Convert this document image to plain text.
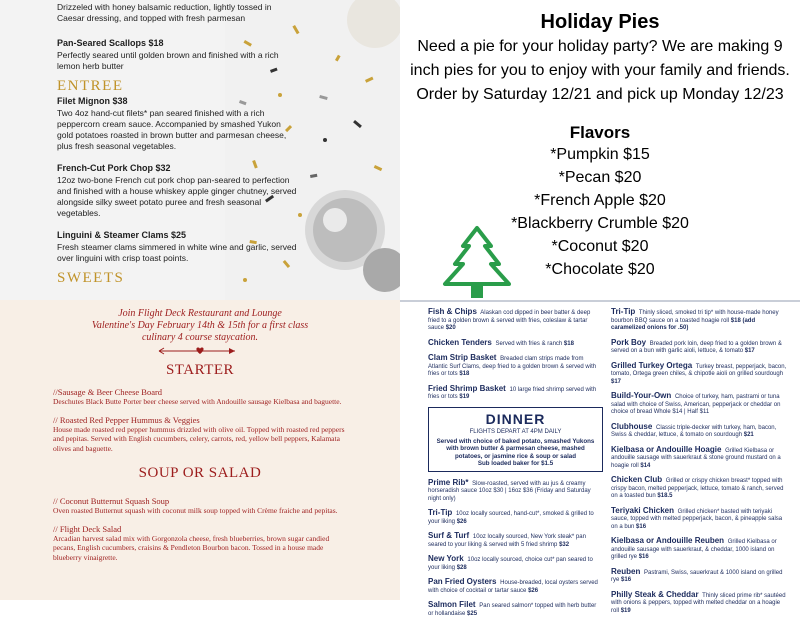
Drizzeled with honey balsamic reduction, lightly tossed in Caesar dressing, and topped with fresh parmesan
Pan-Seared Scallops $18
Perfectly seared until golden brown and finished with a rich lemon herb butter
ENTREE
Filet Mignon $38
Two 4oz hand-cut filets* pan seared finished with a rich peppercorn cream sauce. Accompanied by smashed Yukon gold potatoes roasted in brown butter and parmesan cheese, plus fresh seasonal vegetables.
French-Cut Pork Chop $32
12oz two-bone French cut pork chop pan-seared to perfection and finished with a house whiskey apple ginger chutney, served alongside silky sweet potato puree and fresh seasonal vegetables.
Linguini & Steamer Clams $25
Fresh steamer clams simmered in white wine and garlic, served over linguini with crisp toast points.
SWEETS
Holiday Pies
Need a pie for your holiday party? We are making 9 inch pies for you to enjoy with your family and friends. Order by Saturday 12/21 and pick up Monday 12/23
Flavors
*Pumpkin $15
*Pecan $20
*French Apple $20
*Blackberry Crumble $20
*Coconut $20
*Chocolate $20
Join Flight Deck Restaurant and Lounge
Valentine's Day February 14th & 15th for a first class
culinary 4 course staycation.
STARTER
//Sausage & Beer Cheese Board
Deschutes Black Butte Porter beer cheese served with Andouille sausage Kielbasa and baguette.
// Roasted Red Pepper Hummus & Veggies
House made roasted red pepper hummus drizzled with olive oil. Topped with roasted red peppers and pepitas. Served with English cucumbers, celery, carrots, red, yellow bell peppers, Kalamata olives and baguette.
SOUP OR SALAD
// Coconut Butternut Squash Soup
Oven roasted Butternut squash with coconut milk soup topped with Crème fraiche and pepitas.
// Flight Deck Salad
Arcadian harvest salad mix with Gorgonzola cheese, fresh blueberries, brown sugar candied pecans, English cucumbers, craisins & Pendleton Bourbon bacon. Tossed in a house made blueberry vinaigrette.
Fish & Chips Alaskan cod dipped in beer batter & deep fried to a golden brown & served with fries, coleslaw & tartar sauce $20
Chicken Tenders Served with fries & ranch $18
Clam Strip Basket Breaded clam strips made from Atlantic Surf Clams, deep fried to a golden brown & served with fries or tots $18
Fried Shrimp Basket 10 large fried shrimp served with fries or tots $19
DINNER
FLIGHTS DEPART AT 4PM DAILY
Served with choice of baked potato, smashed Yukons with brown butter & parmesan cheese, mashed potatoes, or jasmine rice & soup or salad
Sub loaded baker for $1.5
Prime Rib* Slow-roasted, served with au jus & creamy horseradish sauce 10oz $30 | 16oz $36 (Friday and Saturday night only)
Tri-Tip 10oz locally sourced, hand-cut*, smoked & grilled to your liking $26
Surf & Turf 10oz locally sourced, New York steak* pan seared to your liking & served with 5 fried shrimp $32
New York 10oz locally sourced, choice cut* pan seared to your liking $28
Pan Fried Oysters House-breaded, local oysters served with choice of cocktail or tartar sauce $26
Salmon Filet Pan seared salmon* topped with herb butter or hollandaise $25
Tri-Tip Thinly sliced, smoked tri tip* with house-made honey bourbon BBQ sauce on a toasted hoagie roll $18 (add caramelized onions for .50)
Pork Boy Breaded pork loin, deep fried to a golden brown & served on a bun with garlic aioli, lettuce, & tomato $17
Grilled Turkey Ortega Turkey breast, pepperjack, bacon, tomato, Ortega green chiles, & chipotle aioli on grilled sourdough $17
Build-Your-Own Choice of turkey, ham, pastrami or tuna salad with choice of Swiss, American, pepperjack or cheddar on choice of bread Whole $14 | Half $11
Clubhouse Classic triple-decker with turkey, ham, bacon, Swiss & cheddar, lettuce, & tomato on sourdough $21
Kielbasa or Andouille Hoagie Grilled Kielbasa or andouille sausage with sauerkraut & stone ground mustard on a hoagie roll $14
Chicken Club Grilled or crispy chicken breast* topped with crispy bacon, melted pepperjack, lettuce, tomato & ranch, served on a toasted bun $18.5
Teriyaki Chicken Grilled chicken* basted with teriyaki sauce, topped with melted pepperjack, bacon, & pineapple salsa on a bun $16
Kielbasa or Andouille Reuben Grilled Kielbasa or andouille sausage with sauerkraut, & cheddar, 1000 island on grilled rye $16
Reuben Pastrami, Swiss, sauerkraut & 1000 island on grilled rye $16
Philly Steak & Cheddar Thinly sliced prime rib* sautéed with onions & peppers, topped with melted cheddar on a hoagie roll $19
